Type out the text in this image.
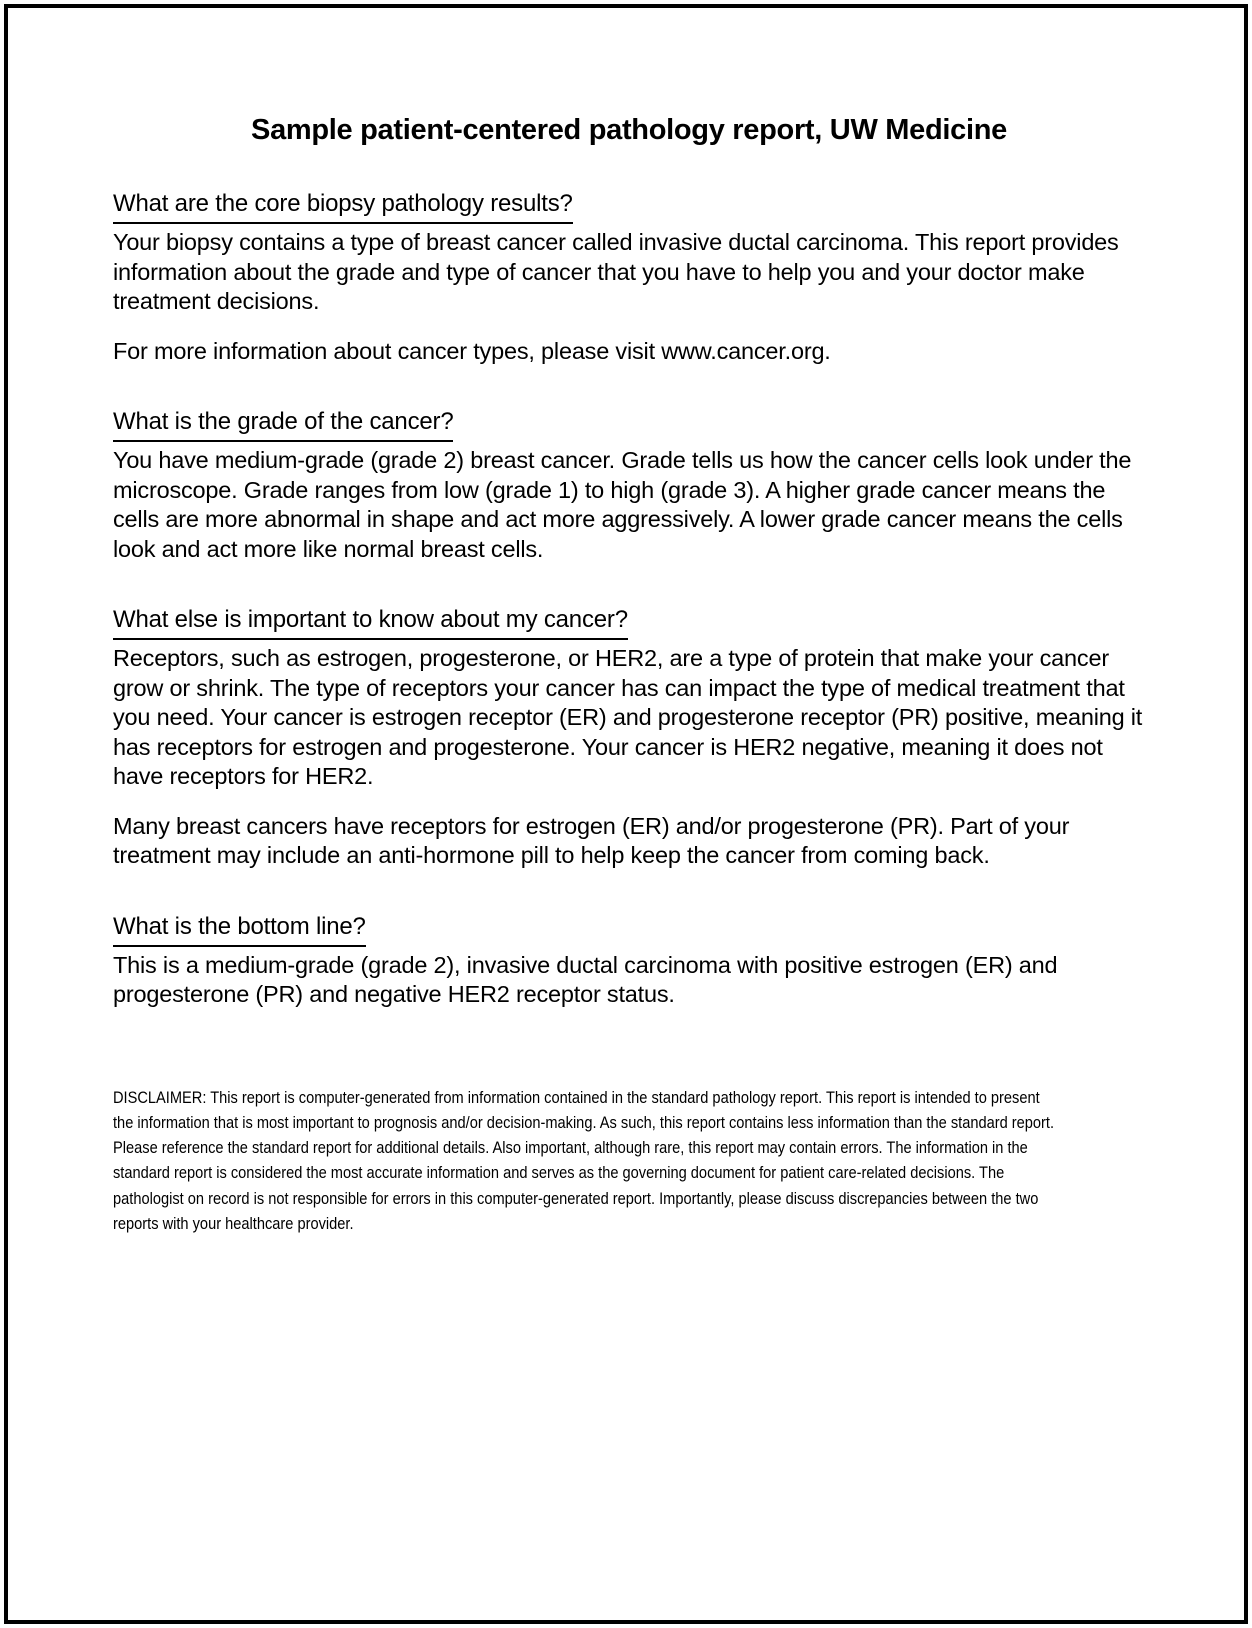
Sample patient-centered pathology report, UW Medicine
What are the core biopsy pathology results?

Your biopsy contains a type of breast cancer called invasive ductal carcinoma. This report provides information about the grade and type of cancer that you have to help you and your doctor make treatment decisions.

For more information about cancer types, please visit www.cancer.org.

What is the grade of the cancer?

You have medium-grade (grade 2) breast cancer. Grade tells us how the cancer cells look under the microscope. Grade ranges from low (grade 1) to high (grade 3). A higher grade cancer means the cells are more abnormal in shape and act more aggressively. A lower grade cancer means the cells look and act more like normal breast cells.

What else is important to know about my cancer?

Receptors, such as estrogen, progesterone, or HER2, are a type of protein that make your cancer grow or shrink. The type of receptors your cancer has can impact the type of medical treatment that you need. Your cancer is estrogen receptor (ER) and progesterone receptor (PR) positive, meaning it has receptors for estrogen and progesterone. Your cancer is HER2 negative, meaning it does not have receptors for HER2.

Many breast cancers have receptors for estrogen (ER) and/or progesterone (PR). Part of your treatment may include an anti-hormone pill to help keep the cancer from coming back.

What is the bottom line?

This is a medium-grade (grade 2), invasive ductal carcinoma with positive estrogen (ER) and progesterone (PR) and negative HER2 receptor status.

DISCLAIMER: This report is computer-generated from information contained in the standard pathology report. This report is intended to present the information that is most important to prognosis and/or decision-making. As such, this report contains less information than the standard report. Please reference the standard report for additional details. Also important, although rare, this report may contain errors. The information in the standard report is considered the most accurate information and serves as the governing document for patient care-related decisions. The pathologist on record is not responsible for errors in this computer-generated report. Importantly, please discuss discrepancies between the two reports with your healthcare provider.
